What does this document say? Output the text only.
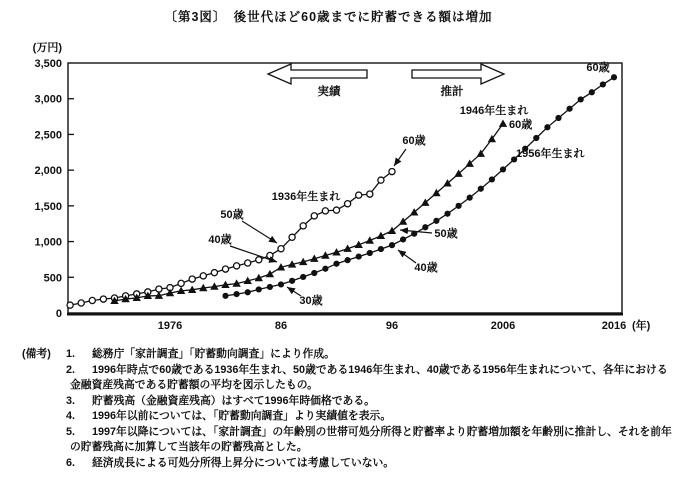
〔第3図〕　後世代ほど60歳までに貯蓄できる額は増加
0
500
1,000
1,500
2,000
2,500
3,000
3,500
(万円)
1976	86	96	2006	2016 (年)
実績	推計
60歳
1936年生まれ
50歳
40歳
30歳
50歳
40歳
1946年生まれ
60歳
1956年生まれ
60歳
(備考)	1.	総務庁「家計調査」「貯蓄動向調査」により作成。
2.	1996年時点で60歳である1936年生まれ、50歳である1946年生まれ、40歳である1956年生まれについて、各年における金融資産残高である貯蓄額の平均を図示したもの。
3.	貯蓄残高（金融資産残高）はすべて1996年時価格である。
4.	1996年以前については、「貯蓄動向調査」より実績値を表示。
5.	1997年以降については、「家計調査」の年齢別の世帯可処分所得と貯蓄率より貯蓄増加額を年齢別に推計し、それを前年の貯蓄残高に加算して当該年の貯蓄残高とした。
6.	経済成長による可処分所得上昇分については考慮していない。
